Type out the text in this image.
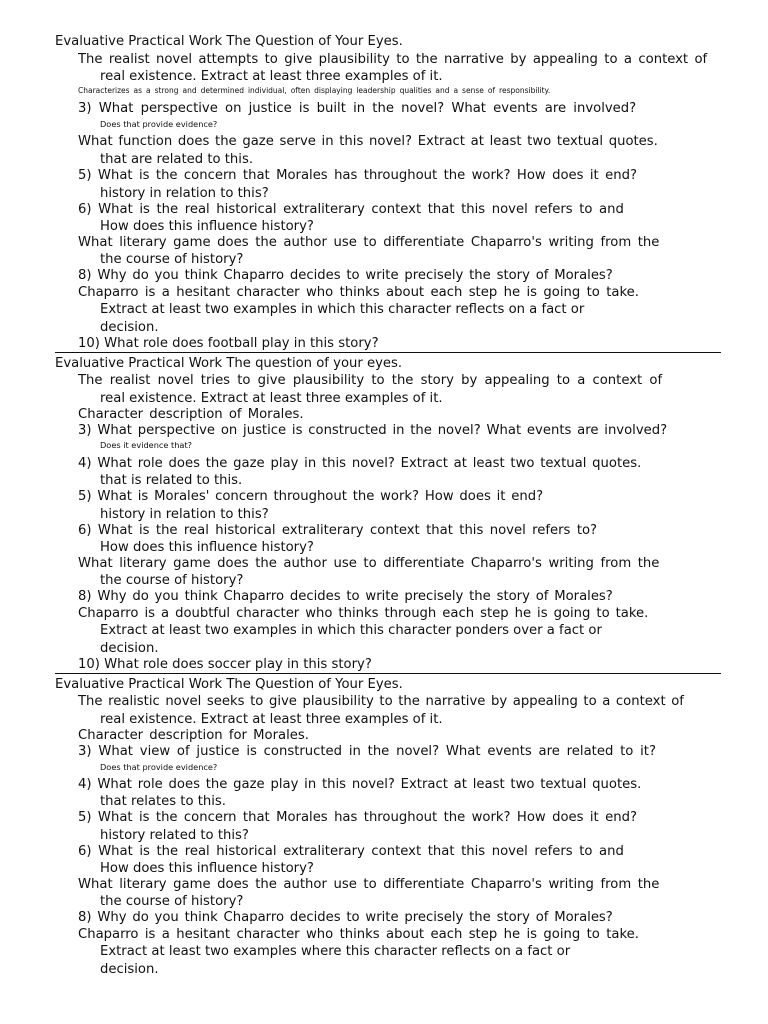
Evaluative Practical Work The Question of Your Eyes.
The realist novel attempts to give plausibility to the narrative by appealing to a context of
real existence. Extract at least three examples of it.
Characterizes as a strong and determined individual, often displaying leadership qualities and a sense of responsibility.
3) What perspective on justice is built in the novel? What events are involved?
Does that provide evidence?
What function does the gaze serve in this novel? Extract at least two textual quotes.
that are related to this.
5) What is the concern that Morales has throughout the work? How does it end?
history in relation to this?
6) What is the real historical extraliterary context that this novel refers to and
How does this influence history?
What literary game does the author use to differentiate Chaparro's writing from the
the course of history?
8) Why do you think Chaparro decides to write precisely the story of Morales?
Chaparro is a hesitant character who thinks about each step he is going to take.
Extract at least two examples in which this character reflects on a fact or
decision.
10) What role does football play in this story?
Evaluative Practical Work The question of your eyes.
The realist novel tries to give plausibility to the story by appealing to a context of
real existence. Extract at least three examples of it.
Character description of Morales.
3) What perspective on justice is constructed in the novel? What events are involved?
Does it evidence that?
4) What role does the gaze play in this novel? Extract at least two textual quotes.
that is related to this.
5) What is Morales' concern throughout the work? How does it end?
history in relation to this?
6) What is the real historical extraliterary context that this novel refers to?
How does this influence history?
What literary game does the author use to differentiate Chaparro's writing from the
the course of history?
8) Why do you think Chaparro decides to write precisely the story of Morales?
Chaparro is a doubtful character who thinks through each step he is going to take.
Extract at least two examples in which this character ponders over a fact or
decision.
10) What role does soccer play in this story?
Evaluative Practical Work The Question of Your Eyes.
The realistic novel seeks to give plausibility to the narrative by appealing to a context of
real existence. Extract at least three examples of it.
Character description for Morales.
3) What view of justice is constructed in the novel? What events are related to it?
Does that provide evidence?
4) What role does the gaze play in this novel? Extract at least two textual quotes.
that relates to this.
5) What is the concern that Morales has throughout the work? How does it end?
history related to this?
6) What is the real historical extraliterary context that this novel refers to and
How does this influence history?
What literary game does the author use to differentiate Chaparro's writing from the
the course of history?
8) Why do you think Chaparro decides to write precisely the story of Morales?
Chaparro is a hesitant character who thinks about each step he is going to take.
Extract at least two examples where this character reflects on a fact or
decision.
